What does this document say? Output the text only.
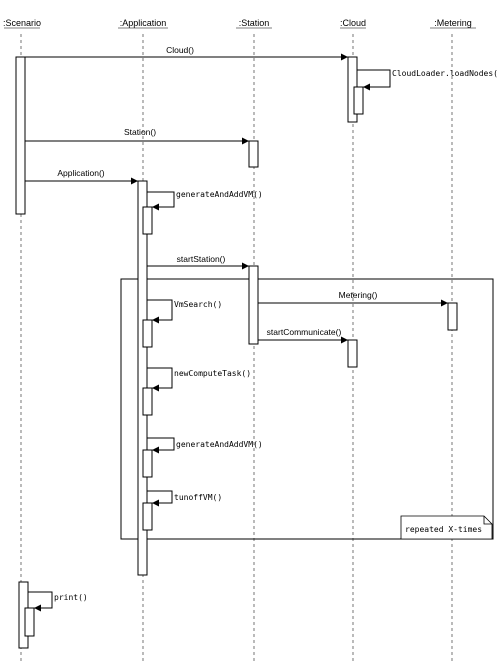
:Scenario	:Application	:Station	:Cloud	:Metering
Cloud()
CloudLoader.loadNodes(
Station()
Application()
generateAndAddVM()
startStation()
VmSearch()
Metering()
startCommunicate()
newComputeTask()
generateAndAddVM()
tunoffVM()
print()
repeated X-times
